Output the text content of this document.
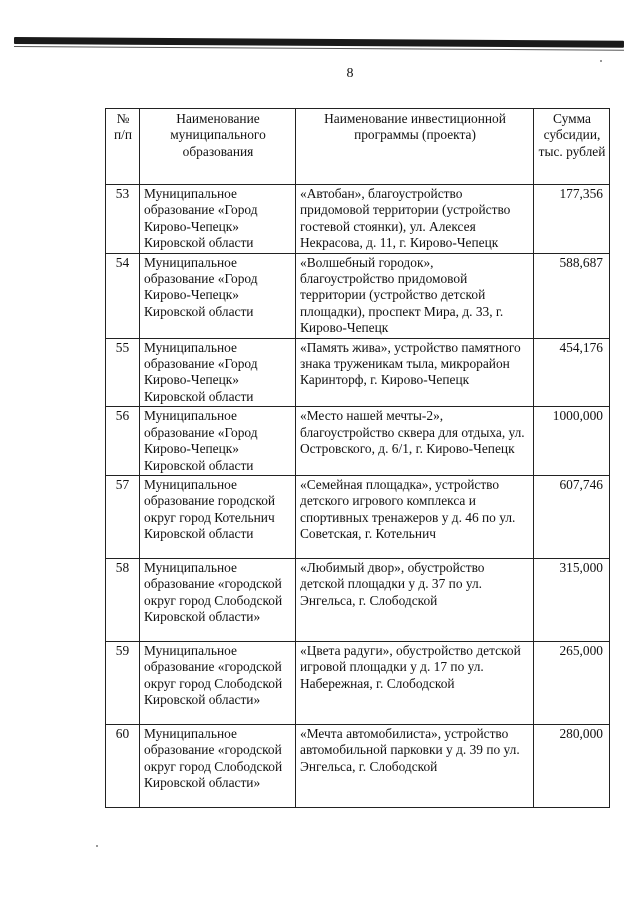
8
№ п/п	Наименование муниципального образования	Наименование инвестиционной программы (проекта)	Сумма субсидии, тыс. рублей
53	Муниципальное образование «Город Кирово-Чепецк» Кировской области	«Автобан», благоустройство придомовой территории (устройство гостевой стоянки), ул. Алексея Некрасова, д. 11, г. Кирово-Чепецк	177,356
54	Муниципальное образование «Город Кирово-Чепецк» Кировской области	«Волшебный городок», благоустройство придомовой территории (устройство детской площадки), проспект Мира, д. 33, г. Кирово-Чепецк	588,687
55	Муниципальное образование «Город Кирово-Чепецк» Кировской области	«Память жива», устройство памятного знака труженикам тыла, микрорайон Каринторф, г. Кирово-Чепецк	454,176
56	Муниципальное образование «Город Кирово-Чепецк» Кировской области	«Место нашей мечты-2», благоустройство сквера для отдыха, ул. Островского, д. 6/1, г. Кирово-Чепецк	1000,000
57	Муниципальное образование городской округ город Котельнич Кировской области	«Семейная площадка», устройство детского игрового комплекса и спортивных тренажеров у д. 46 по ул. Советская, г. Котельнич	607,746
58	Муниципальное образование «городской округ город Слободской Кировской области»	«Любимый двор», обустройство детской площадки у д. 37 по ул. Энгельса, г. Слободской	315,000
59	Муниципальное образование «городской округ город Слободской Кировской области»	«Цвета радуги», обустройство детской игровой площадки у д. 17 по ул. Набережная, г. Слободской	265,000
60	Муниципальное образование «городской округ город Слободской Кировской области»	«Мечта автомобилиста», устройство автомобильной парковки у д. 39 по ул. Энгельса, г. Слободской	280,000
